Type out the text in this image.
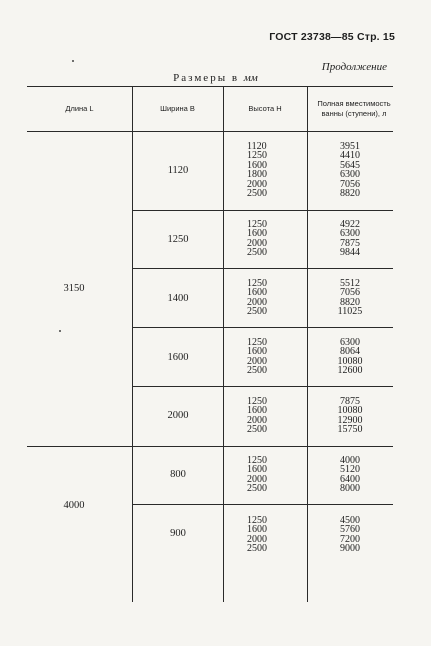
ГОСТ 23738—85 Стр. 15
Продолжение
Размеры в мм
Длина L	Ширина B	Высота H
Полная вместимость ванны (ступени), л
3150
4000
1120
1250
1400
1600
2000
800
900
1120
1250
1600
1800
2000
2500
1250
1600
2000
2500
1250
1600
2000
2500
1250
1600
2000
2500
1250
1600
2000
2500
1250
1600
2000
2500
1250
1600
2000
2500
3951
4410
5645
6300
7056
8820
4922
6300
7875
9844
5512
7056
8820
11025
6300
8064
10080
12600
7875
10080
12900
15750
4000
5120
6400
8000
4500
5760
7200
9000
